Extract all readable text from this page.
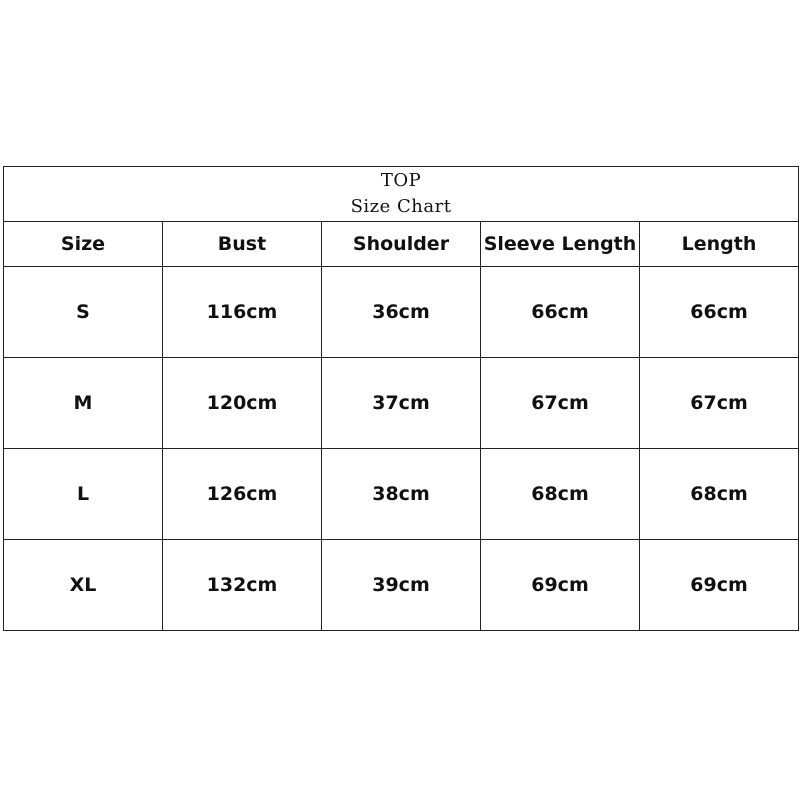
TOP
Size Chart				

Size	Bust	Shoulder	Sleeve Length	Length
S	116cm	36cm	66cm	66cm
M	120cm	37cm	67cm	67cm
L	126cm	38cm	68cm	68cm
XL	132cm	39cm	69cm	69cm
